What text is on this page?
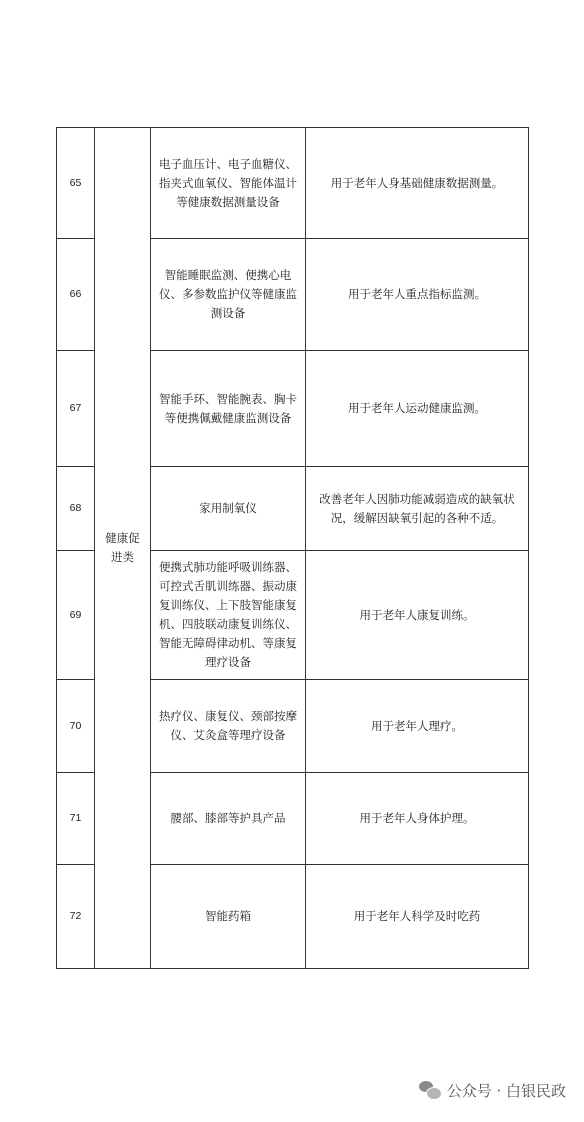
65	健康促进类	电子血压计、电子血糖仪、指夹式血氧仪、智能体温计等健康数据测量设备	用于老年人身基础健康数据测量。
66		智能睡眠监测、便携心电仪、多参数监护仪等健康监测设备	用于老年人重点指标监测。
67		智能手环、智能腕表、胸卡等便携佩戴健康监测设备	用于老年人运动健康监测。
68		家用制氧仪	改善老年人因肺功能减弱造成的缺氧状况，缓解因缺氧引起的各种不适。
69		便携式肺功能呼吸训练器、可控式舌肌训练器、振动康复训练仪、上下肢智能康复机、四肢联动康复训练仪、智能无障碍律动机、等康复理疗设备	用于老年人康复训练。
70		热疗仪、康复仪、颈部按摩仪、艾灸盒等理疗设备	用于老年人理疗。
71		腰部、膝部等护具产品	用于老年人身体护理。
72		智能药箱	用于老年人科学及时吃药
公众号 · 白银民政
